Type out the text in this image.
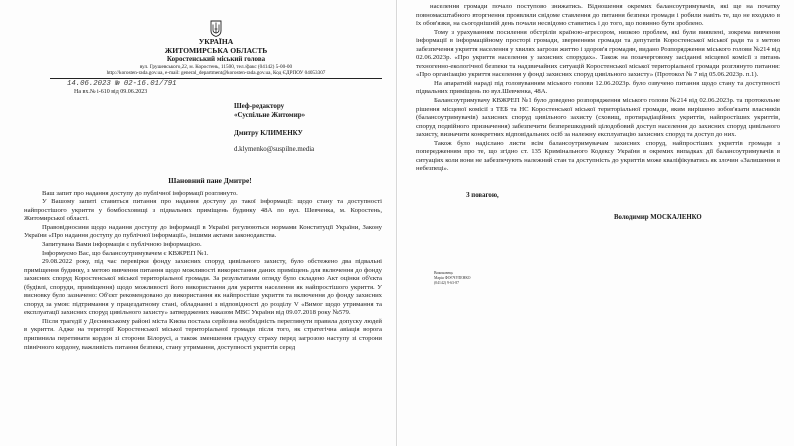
УКРАЇНА
ЖИТОМИРСЬКА ОБЛАСТЬ
Коростенський міський голова
вул. Грушевського,22, м. Коростень, 11500, тел./факс (04142) 5-00-00
http://korosten-rada.gov.ua, e-mail: general_department@korosten-rada.gov.ua, Код ЄДРПОУ 04053307
14.06.2023 № 02-16.01/791
На вх.№ і-610 від 09.06.2023
Шеф-редактору
«Суспільне Житомир»
Дмитру КЛИМЕНКУ
d.klymenko@suspilne.media
Шановний пане Дмитре!

Ваш запит про надання доступу до публічної інформації розглянуто.

У Вашому запиті ставиться питання про надання доступу до такої інформації: щодо стану та доступності найпростішого укриття у бомбосховищі з підвальних приміщень будинку 48А по вул. Шевченка, м. Коростень, Житомирської області.

Правовідносини щодо надання доступу до інформації в Україні регулюються нормами Конституції України, Закону України «Про надання доступу до публічної інформації», іншими актами законодавства.

Запитувана Вами інформація є публічною інформацією.

Інформуємо Вас, що балансоутримувачем є КВЖРЕП №1.

29.08.2022 року, під час перевірки фонду захисних споруд цивільного захисту, було обстежено два підвальні приміщення будинку, з метою вивчення питання щодо можливості використання даних приміщень для включення до фонду захисних споруд Коростенської міської територіальної громади. За результатами огляду було складено Акт оцінки об'єкта (будівлі, споруди, приміщення) щодо можливості його використання для укриття населення як найпростішого укриття. У висновку було зазначено: Об'єкт рекомендовано до використання як найпростіше укриття та включення до фонду захисних споруд за умов: підтримання у працездатному стані, обладнанні з відповідності до розділу V «Вимог щодо утримання та експлуатації захисних споруд цивільного захисту» затверджених наказом МВС України від 09.07.2018 року №579.

Після трагедії у Деснянському районі міста Києва постала серйозна необхідність переглянути правила допуску людей в укриття. Адже на території Коростенської міської територіальної громади після того, як стратегічна авіація ворога припинила перетинати кордон зі сторони Білорусі, а також зменшення градусу страху перед загрозою наступу зі сторони північного кордону, важливість питання безпеки, стану утримання, доступності укриттів серед

населення громади почало поступово знижатись. Відношення окремих балансоутримувачів, які ще на початку повномасштабного вторгнення проявляли свідоме ставлення до питання безпеки громади і робили навіть те, що не входило в їх обов'язки, на сьогоднішній день почали несвідомо ставитись і до того, що повинно бути зроблено.

Тому з урахуванням посилення обстрілів країною-агресором, низкою проблем, які були виявлені, зокрема вивчення інформації в інформаційному просторі громади, зверненням громади та депутатів Коростенської міської ради та з метою забезпечення укриття населення у хвилях загрози життю і здоров'я громадян, видано Розпорядження міського голови №214 від 02.06.2023р. «Про укриття населення у захисних спорудах». Також на позачерговому засіданні місцевої комісії з питань техногенно-екологічної безпеки та надзвичайних ситуацій Коростенської міської територіальної громади розглянуто питання: «Про організацію укриття населення у фонді захисних споруд цивільного захисту» (Протокол № 7 від 05.06.2023р. п.1).

На апаратній нараді під головуванням міського голови 12.06.2023р. було озвучено питання щодо стану та доступності підвальних приміщень по вул.Шевченка, 48А.

Балансоутримувачу КВЖРЕП №1 було доведено розпорядження міського голови №214 від 02.06.2023р. та протокольне рішення місцевої комісії з ТЕБ та НС Коростенської міської територіальної громади, яким вирішено зобов'язати власників (балансоутримувачів) захисних споруд цивільного захисту (сховищ, протирадіаційних укриттів, найпростіших укриттів, споруд подвійного призначення) забезпечити безперешкодний цілодобовий доступ населення до захисних споруд цивільного захисту, визначити конкретних відповідальних осіб за належну експлуатацію захисних споруд та доступ до них.

Також було надіслано листи всім балансоутримувачам захисних споруд, найпростіших укриттів громади з попередженням про те, що згідно ст. 135 Кримінального Кодексу України в окремих випадках дії балансоутримувачів в ситуаціях коли вони не забезпечують належний стан та доступність до укриттів може кваліфікуватись як злочин «Залишення в небезпеці».

З повагою,
Володимир МОСКАЛЕНКО
Виконавець
Марія ФОЄЧУЛЕНКО
(04142) 9-63-87
